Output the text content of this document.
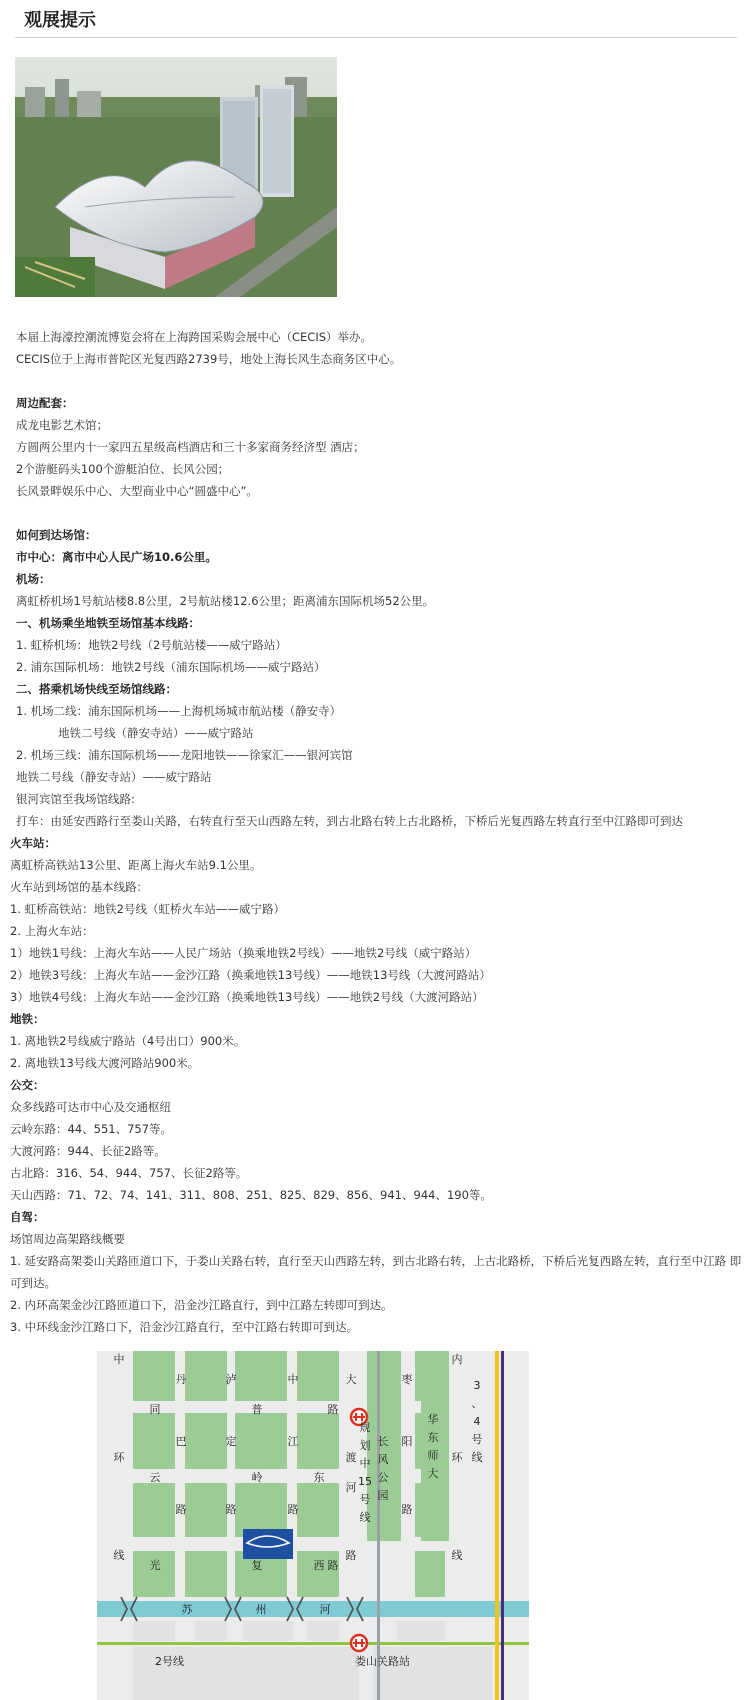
观展提示
本届上海濠控潮流博览会将在上海跨国采购会展中心（CECIS）举办。
CECIS位于上海市普陀区光复西路2739号，地处上海长风生态商务区中心。
周边配套：
成龙电影艺术馆；
方圆两公里内十一家四五星级高档酒店和三十多家商务经济型 酒店；
2个游艇码头100个游艇泊位、长风公园；
长风景畔娱乐中心、大型商业中心“圆盛中心”。
如何到达场馆：
市中心：离市中心人民广场10.6公里。
机场：
离虹桥机场1号航站楼8.8公里，2号航站楼12.6公里；距离浦东国际机场52公里。
一、机场乘坐地铁至场馆基本线路：
1. 虹桥机场：地铁2号线（2号航站楼——威宁路站）
2. 浦东国际机场：地铁2号线（浦东国际机场——威宁路站）
二、搭乘机场快线至场馆线路：
1. 机场二线：浦东国际机场——上海机场城市航站楼（静安寺）
地铁二号线（静安寺站）——威宁路站
2. 机场三线：浦东国际机场——龙阳地铁——徐家汇——银河宾馆
地铁二号线（静安寺站）——威宁路站
银河宾馆至我场馆线路:
打车：由延安西路行至娄山关路，右转直行至天山西路左转，到古北路右转上古北路桥，下桥后光复西路左转直行至中江路即可到达
火车站：
离虹桥高铁站13公里、距离上海火车站9.1公里。
火车站到场馆的基本线路：
1. 虹桥高铁站：地铁2号线（虹桥火车站——威宁路）
2. 上海火车站：
1）地铁1号线：上海火车站——人民广场站（换乘地铁2号线）——地铁2号线（威宁路站）
2）地铁3号线：上海火车站——金沙江路（换乘地铁13号线）——地铁13号线（大渡河路站）
3）地铁4号线：上海火车站——金沙江路（换乘地铁13号线）——地铁2号线（大渡河路站）
地铁：
1. 离地铁2号线威宁路站（4号出口）900米。
2. 离地铁13号线大渡河路站900米。
公交：
众多线路可达市中心及交通枢纽
云岭东路：44、551、757等。
大渡河路：944、长征2路等。
古北路：316、54、944、757、长征2路等。
天山西路：71、72、74、141、311、808、251、825、829、856、941、944、190等。
自驾：
场馆周边高架路线概要
1. 延安路高架娄山关路匝道口下，于娄山关路右转，直行至天山西路左转，到古北路右转，上古北路桥，下桥后光复西路左转，直行至中江路 即可到达。
2. 内环高架金沙江路匝道口下，沿金沙江路直行，到中江路左转即可到达。
3. 中环线金沙江路口下，沿金沙江路直行，至中江路右转即可到达。
中
环
线
丹
巴
路
同
云
光
泸
定
路
普
岭
复
中
江
路
东
西
路
路
大
渡
河
路
规
划
中
15
号
线
枣
阳
路
长
风
公
园
华
东
师
大
内
环
线
3
、
4
号
线
苏	州	河
2号线	娄山关路站
